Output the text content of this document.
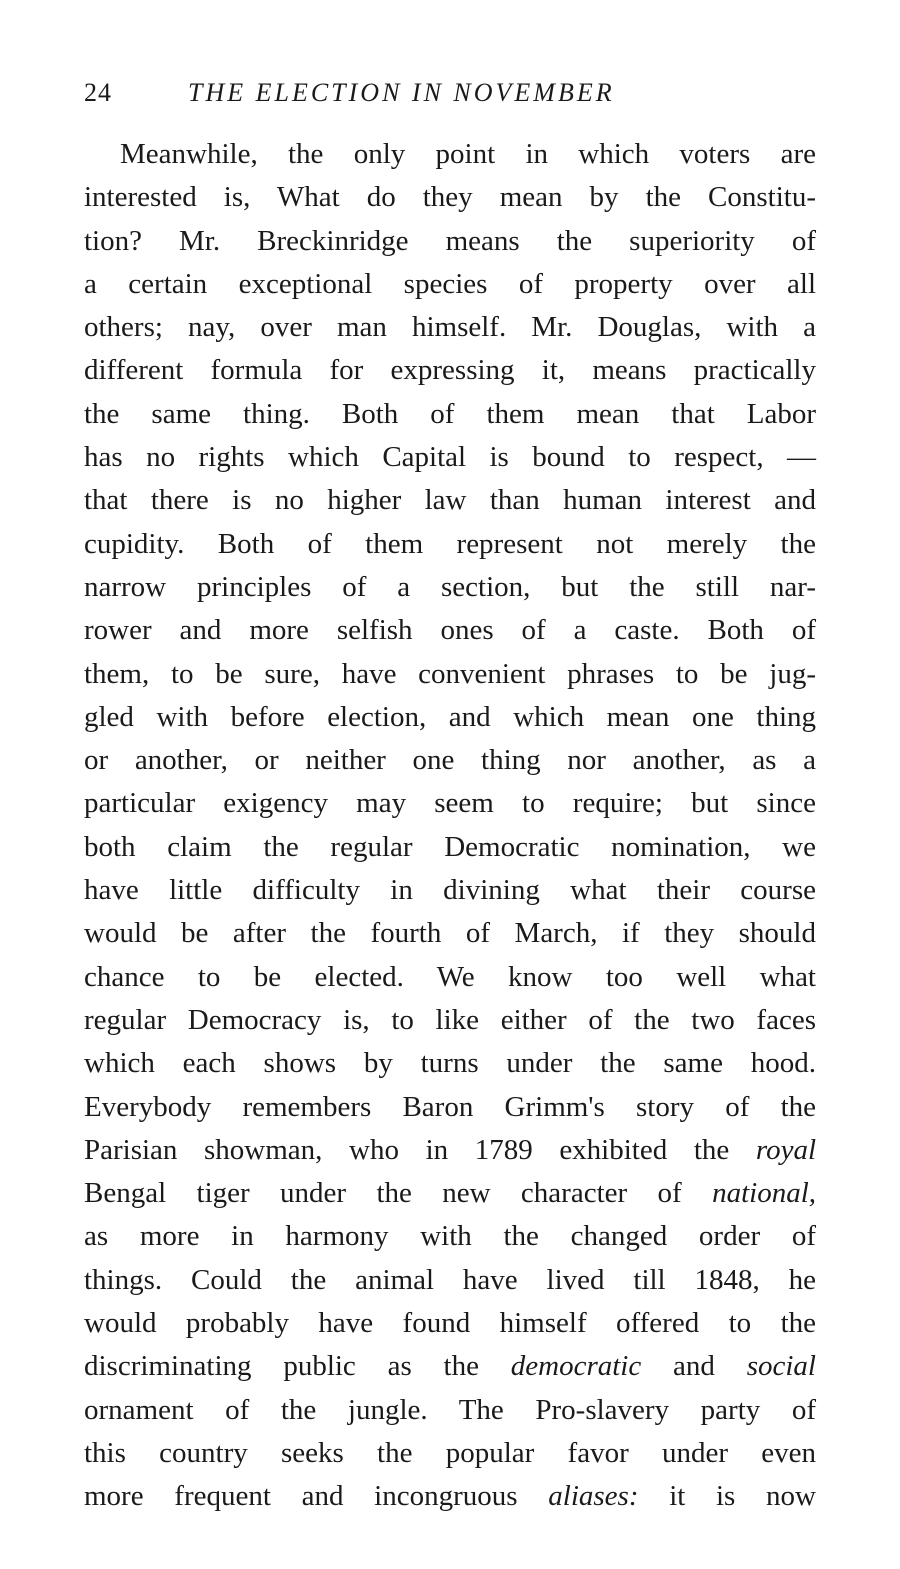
24	THE ELECTION IN NOVEMBER
Meanwhile, the only point in which voters are
interested is, What do they mean by the Constitu-
tion? Mr. Breckinridge means the superiority of
a certain exceptional species of property over all
others; nay, over man himself. Mr. Douglas, with a
different formula for expressing it, means practically
the same thing. Both of them mean that Labor
has no rights which Capital is bound to respect, —
that there is no higher law than human interest and
cupidity. Both of them represent not merely the
narrow principles of a section, but the still nar-
rower and more selfish ones of a caste. Both of
them, to be sure, have convenient phrases to be jug-
gled with before election, and which mean one thing
or another, or neither one thing nor another, as a
particular exigency may seem to require; but since
both claim the regular Democratic nomination, we
have little difficulty in divining what their course
would be after the fourth of March, if they should
chance to be elected. We know too well what
regular Democracy is, to like either of the two faces
which each shows by turns under the same hood.
Everybody remembers Baron Grimm's story of the
Parisian showman, who in 1789 exhibited the royal
Bengal tiger under the new character of national,
as more in harmony with the changed order of
things. Could the animal have lived till 1848, he
would probably have found himself offered to the
discriminating public as the democratic and social
ornament of the jungle. The Pro-slavery party of
this country seeks the popular favor under even
more frequent and incongruous aliases: it is now
